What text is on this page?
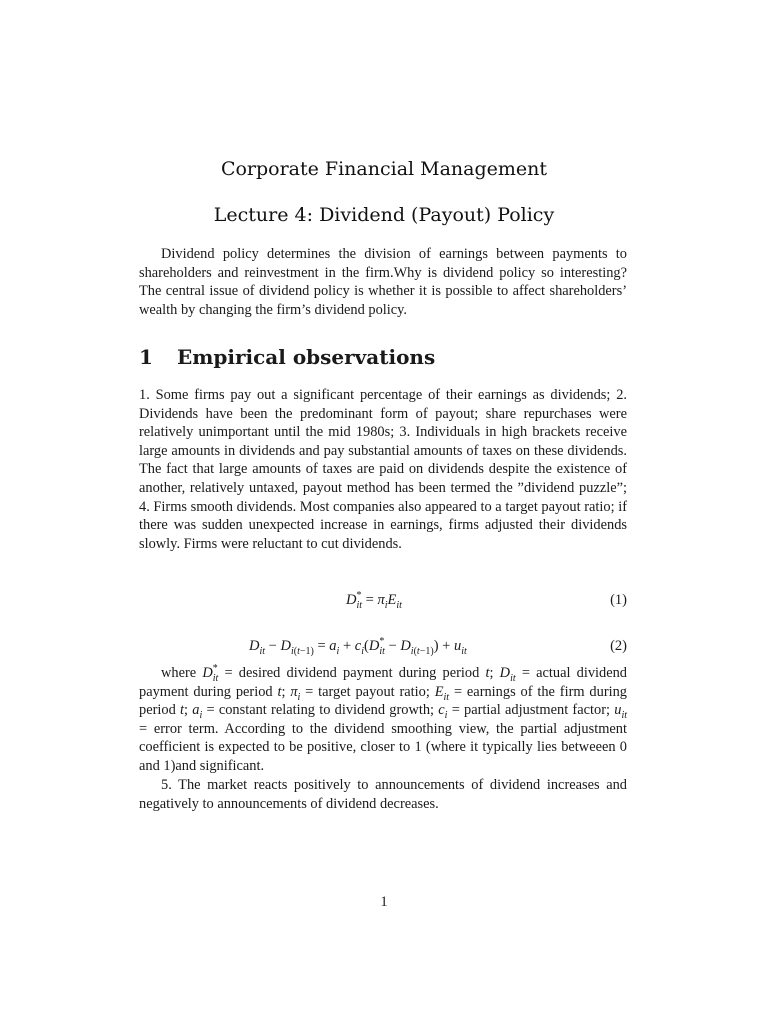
Corporate Financial Management
Lecture 4: Dividend (Payout) Policy

Dividend policy determines the division of earnings between payments to shareholders and reinvestment in the firm.Why is dividend policy so interesting? The central issue of dividend policy is whether it is possible to affect shareholders’ wealth by changing the firm’s dividend policy.

1 Empirical observations

1. Some firms pay out a significant percentage of their earnings as dividends; 2. Dividends have been the predominant form of payout; share repurchases were relatively unimportant until the mid 1980s; 3. Individuals in high brackets receive large amounts in dividends and pay substantial amounts of taxes on these dividends. The fact that large amounts of taxes are paid on dividends despite the existence of another, relatively untaxed, payout method has been termed the ”dividend puzzle”; 4. Firms smooth dividends. Most companies also appeared to a target payout ratio; if there was sudden unexpected increase in earnings, firms adjusted their dividends slowly. Firms were reluctant to cut dividends.

$D^*_{it} = \pi_iE_{it}$	(1)
$D_{it} - D_{i(t-1)} = a_i + c_i(D^*_{it} - D_{i(t-1)}) + u_{it}$	(2)

where $D^*_{it}$ = desired dividend payment during period t; $D_{it}$ = actual dividend payment during period t; $\pi_i$ = target payout ratio; $E_{it}$ = earnings of the firm during period t; $a_i$ = constant relating to dividend growth; $c_i$ = partial adjustment factor; $u_{it}$ = error term. According to the dividend smoothing view, the partial adjustment coefficient is expected to be positive, closer to 1 (where it typically lies betweeen 0 and 1)and significant.

5. The market reacts positively to announcements of dividend increases and negatively to announcements of dividend decreases.

1
